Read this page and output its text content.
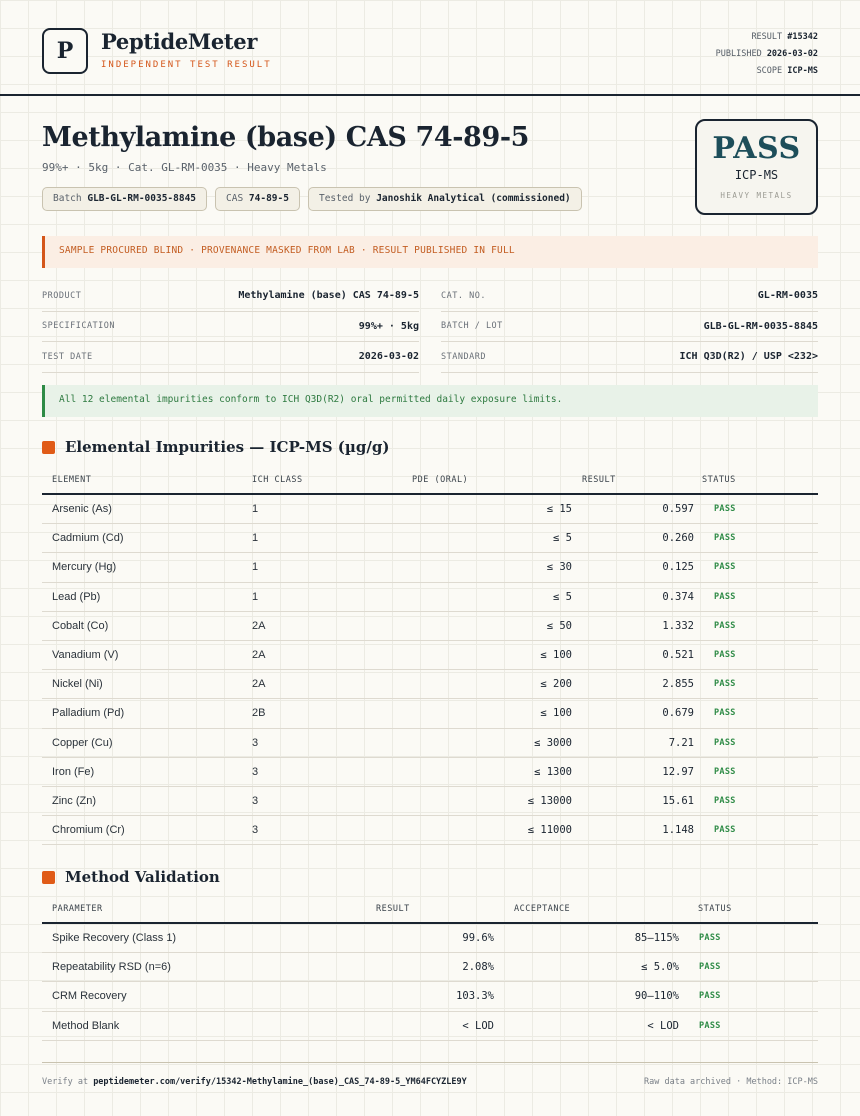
P	PeptideMeter
INDEPENDENT TEST RESULT
RESULT #15342
PUBLISHED 2026-03-02
SCOPE ICP-MS
Methylamine (base) CAS 74-89-5
99%+ · 5kg · Cat. GL-RM-0035 · Heavy Metals
Batch GLB-GL-RM-0035-8845	CAS 74-89-5	Tested by Janoshik Analytical (commissioned)
PASS
ICP-MS
HEAVY METALS
SAMPLE PROCURED BLIND · PROVENANCE MASKED FROM LAB · RESULT PUBLISHED IN FULL
PRODUCT	Methylamine (base) CAS 74-89-5	CAT. NO.	GL-RM-0035
SPECIFICATION	99%+ · 5kg	BATCH / LOT	GLB-GL-RM-0035-8845
TEST DATE	2026-03-02	STANDARD	ICH Q3D(R2) / USP <232>
All 12 elemental impurities conform to ICH Q3D(R2) oral permitted daily exposure limits.
Elemental Impurities — ICP-MS (µg/g)
ELEMENT	ICH CLASS	PDE (ORAL)	RESULT	STATUS
Arsenic (As)	1	≤ 15	0.597	PASS
Cadmium (Cd)	1	≤ 5	0.260	PASS
Mercury (Hg)	1	≤ 30	0.125	PASS
Lead (Pb)	1	≤ 5	0.374	PASS
Cobalt (Co)	2A	≤ 50	1.332	PASS
Vanadium (V)	2A	≤ 100	0.521	PASS
Nickel (Ni)	2A	≤ 200	2.855	PASS
Palladium (Pd)	2B	≤ 100	0.679	PASS
Copper (Cu)	3	≤ 3000	7.21	PASS
Iron (Fe)	3	≤ 1300	12.97	PASS
Zinc (Zn)	3	≤ 13000	15.61	PASS
Chromium (Cr)	3	≤ 11000	1.148	PASS
Method Validation
PARAMETER	RESULT	ACCEPTANCE	STATUS
Spike Recovery (Class 1)	99.6%	85–115%	PASS
Repeatability RSD (n=6)	2.08%	≤ 5.0%	PASS
CRM Recovery	103.3%	90–110%	PASS
Method Blank	< LOD	< LOD	PASS
Verify at peptidemeter.com/verify/15342-Methylamine_(base)_CAS_74-89-5_YM64FCYZLE9Y	Raw data archived · Method: ICP-MS
